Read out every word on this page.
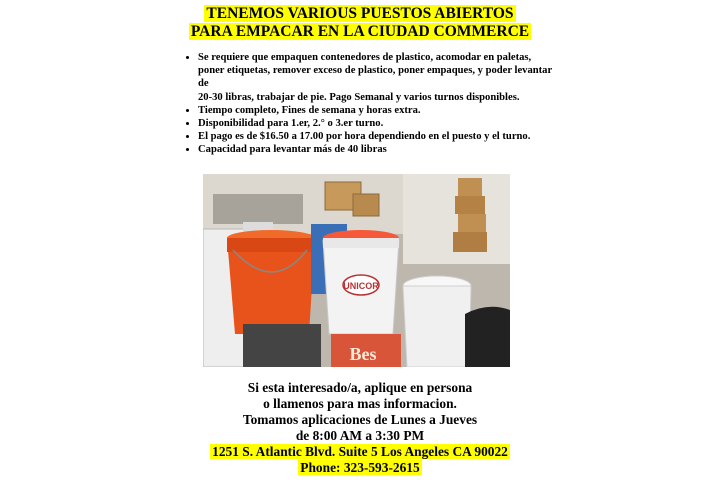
TENEMOS VARIOUS PUESTOS ABIERTOS
PARA EMPACAR EN LA CIUDAD COMMERCE
• Se requiere que empaquen contenedores de plastico, acomodar en paletas, poner etiquetas, remover exceso de plastico, poner empaques, y poder levantar de
20-30 libras, trabajar de pie. Pago Semanal y varios turnos disponibles.
• Tiempo completo, Fines de semana y horas extra.
• Disponibilidad para 1.er, 2.° o 3.er turno.
• El pago es de $16.50 a 17.00 por hora dependiendo en el puesto y el turno.
• Capacidad para levantar más de 40 libras
UNICOR
Bes
Si esta interesado/a, aplique en persona
o llamenos para mas informacion.
Tomamos aplicaciones de Lunes a Jueves
de 8:00 AM a 3:30 PM
1251 S. Atlantic Blvd. Suite 5 Los Angeles CA 90022
Phone: 323-593-2615
